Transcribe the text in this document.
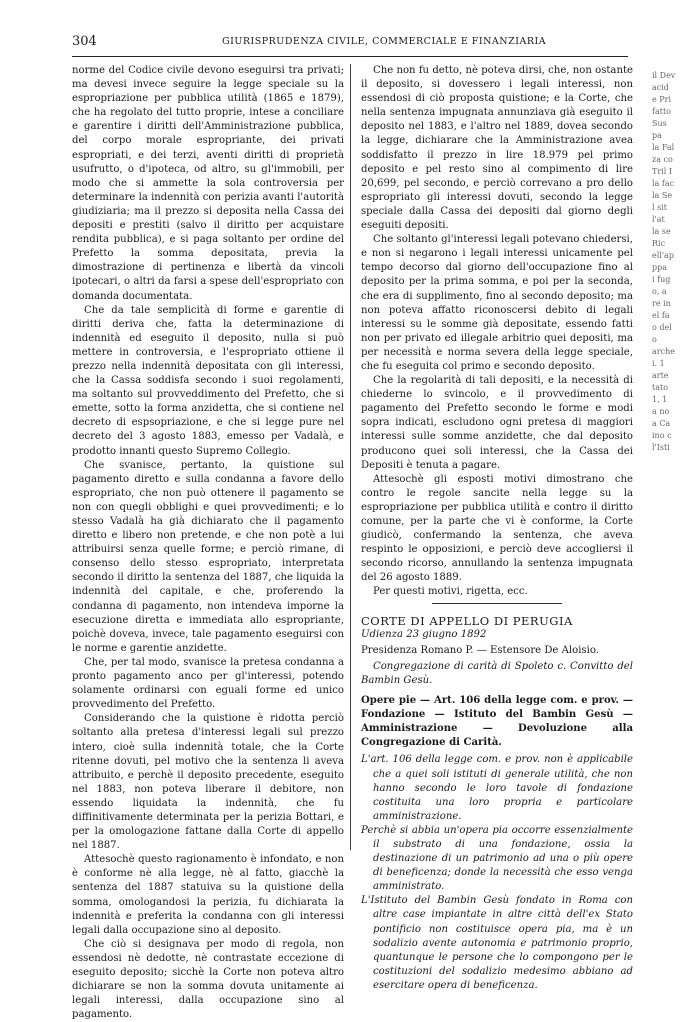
304	GIURISPRUDENZA CIVILE, COMMERCIALE E FINANZIARIA

norme del Codice civile devono eseguirsi tra privati; ma devesi invece seguire la legge speciale su la espropriazione per pubblica utilità (1865 e 1879), che ha regolato del tutto proprie, intese a conciliare e garentire i diritti dell'Amministrazione pubblica, del corpo morale espropriante, dei privati espropriati, e dei terzi, aventi diritti di proprietà usufrutto, o d'ipoteca, od altro, su gl'immobili, per modo che si ammette la sola controversia per determinare la indennità con perizia avanti l'autorità giudiziaria; ma il prezzo si deposita nella Cassa dei depositi e prestiti (salvo il diritto per acquistare rendita pubblica), e si paga soltanto per ordine del Prefetto la somma depositata, previa la dimostrazione di pertinenza e libertà da vincoli ipotecari, o altri da farsi a spese dell'espropriato con domanda documentata.

Che da tale semplicità di forme e garentie di diritti deriva che, fatta la determinazione di indennità ed eseguito il deposito, nulla si può mettere in controversia, e l'espropriato ottiene il prezzo nella indennità depositata con gli interessi, che la Cassa soddisfa secondo i suoi regolamenti, ma soltanto sul provveddimento del Prefetto, che si emette, sotto la forma anzidetta, che si contiene nel decreto di espsopriazione, e che si legge pure nel decreto del 3 agosto 1883, emesso per Vadalà, e prodotto innanti questo Supremo Collegio.

Che svanisce, pertanto, la quistione sul pagamento diretto e sulla condanna a favore dello espropriato, che non può ottenere il pagamento se non con quegli obblighi e quei provvedimenti; e lo stesso Vadalà ha già dichiarato che il pagamento diretto e libero non pretende, e che non potè a lui attribuirsi senza quelle forme; e perciò rimane, di consenso dello stesso espropriato, interpretata secondo il diritto la sentenza del 1887, che liquida la indennità del capitale, e che, proferendo la condanna di pagamento, non intendeva imporne la esecuzione diretta e immediata allo espropriante, poichè doveva, invece, tale pagamento eseguirsi con le norme e garentie anzidette.

Che, per tal modo, svanisce la pretesa condanna a pronto pagamento anco per gl'interessi, potendo solamente ordinarsi con eguali forme ed unico provvedimento del Prefetto.

Considerando che la quistione è ridotta perciò soltanto alla pretesa d'interessi legali sul prezzo intero, cioè sulla indennità totale, che la Corte ritenne dovuti, pel motivo che la sentenza li aveva attribuito, e perchè il deposito precedente, eseguito nel 1883, non poteva liberare il debitore, non essendo liquidata la indennità, che fu diffinitivamente determinata per la perizia Bottari, e per la omologazione fattane dalla Corte di appello nel 1887.

Attesochè questo ragionamento è infondato, e non è conforme nè alla legge, nè al fatto, giacchè la sentenza del 1887 statuiva su la quistione della somma, omologandosi la perizia, fu dichiarata la indennità e preferita la condanna con gli interessi legali dalla occupazione sino al deposito.

Che ciò si designava per modo di regola, non essendosi nè dedotte, nè contrastate eccezione di eseguito deposito; sicchè la Corte non poteva altro dichiarare se non la somma dovuta unitamente ai legali interessi, dalla occupazione sino al pagamento.

Che non fu detto, nè poteva dirsi, che, non ostante il deposito, si dovessero i legali interessi, non essendosi di ciò proposta quistione; e la Corte, che nella sentenza impugnata annunziava già eseguito il deposito nel 1883, e l'altro nel 1889, dovea secondo la legge, dichiarare che la Amministrazione avea soddisfatto il prezzo in lire 18.979 pel primo deposito e pel resto sino al compimento di lire 20,699, pel secondo, e perciò correvano a pro dello espropriato gli interessi dovuti, secondo la legge speciale dalla Cassa dei depositi dal giorno degli eseguiti depositi.

Che soltanto gl'interessi legali potevano chiedersi, e non si negarono i legali interessi unicamente pel tempo decorso dal giorno dell'occupazione fino al deposito per la prima somma, e poi per la seconda, che era di supplimento, fino al secondo deposito; ma non poteva affatto riconoscersi debito di legali interessi su le somme già depositate, essendo fatti non per privato ed illegale arbitrio quei depositi, ma per necessità e norma severa della legge speciale, che fu eseguita col primo e secondo deposito.

Che la regolarità di tali depositi, e la necessità di chiederne lo svincolo, e il provvedimento di pagamento del Prefetto secondo le forme e modi sopra indicati, escludono ogni pretesa di maggiori interessi sulle somme anzidette, che dal deposito producono quei soli interessi, che la Cassa dei Depositi è tenuta a pagare.

Attesochè gli esposti motivi dimostrano che contro le regole sancite nella legge su la espropriazione per pubblica utilità e contro il diritto comune, per la parte che vi è conforme, la Corte giudicò, confermando la sentenza, che aveva respinto le opposizioni, e perciò deve accogliersi il secondo ricorso, annullando la sentenza impugnata del 26 agosto 1889.

Per questi motivi, rigetta, ecc.

CORTE DI APPELLO DI PERUGIA

Udienza 23 giugno 1892

Presidenza Romano P. — Estensore De Aloisio.

Congregazione di carità di Spoleto c. Convitto del Bambin Gesù.

Opere pie — Art. 106 della legge com. e prov. — Fondazione — Istituto del Bambin Gesù — Amministrazione — Devoluzione alla Congregazione di Carità.

L'art. 106 della legge com. e prov. non è applicabile che a quei soli istituti di generale utilità, che non hanno secondo le loro tavole di fondazione costituita una loro propria e particolare amministrazione.

Perchè si abbia un'opera pia occorre essenzialmente il substrato di una fondazione, ossia la destinazione di un patrimonio ad una o più opere di beneficenza; donde la necessità che esso venga amministrato.

L'Istituto del Bambin Gesù fondato in Roma con altre case impiantate in altre città dell'ex Stato pontificio non costituisce opera pia, ma è un sodalizio avente autonomia e patrimonio proprio, quantunque le persone che lo compongono per le costituzioni del sodalizio medesimo abbiano ad esercitare opera di beneficenza.

il Dev
acid
e Pri
fatto
Sus
pa
la Fal
za co
Tril I
la fac
la Se
l sit
l'at
la se
Ric
ell'ap
ppa
i fug
o, a
re in
el fa
o del
o
arche
i. 1
arte
tato
1, 1
a no
a Ca
ino c
l'Isti
